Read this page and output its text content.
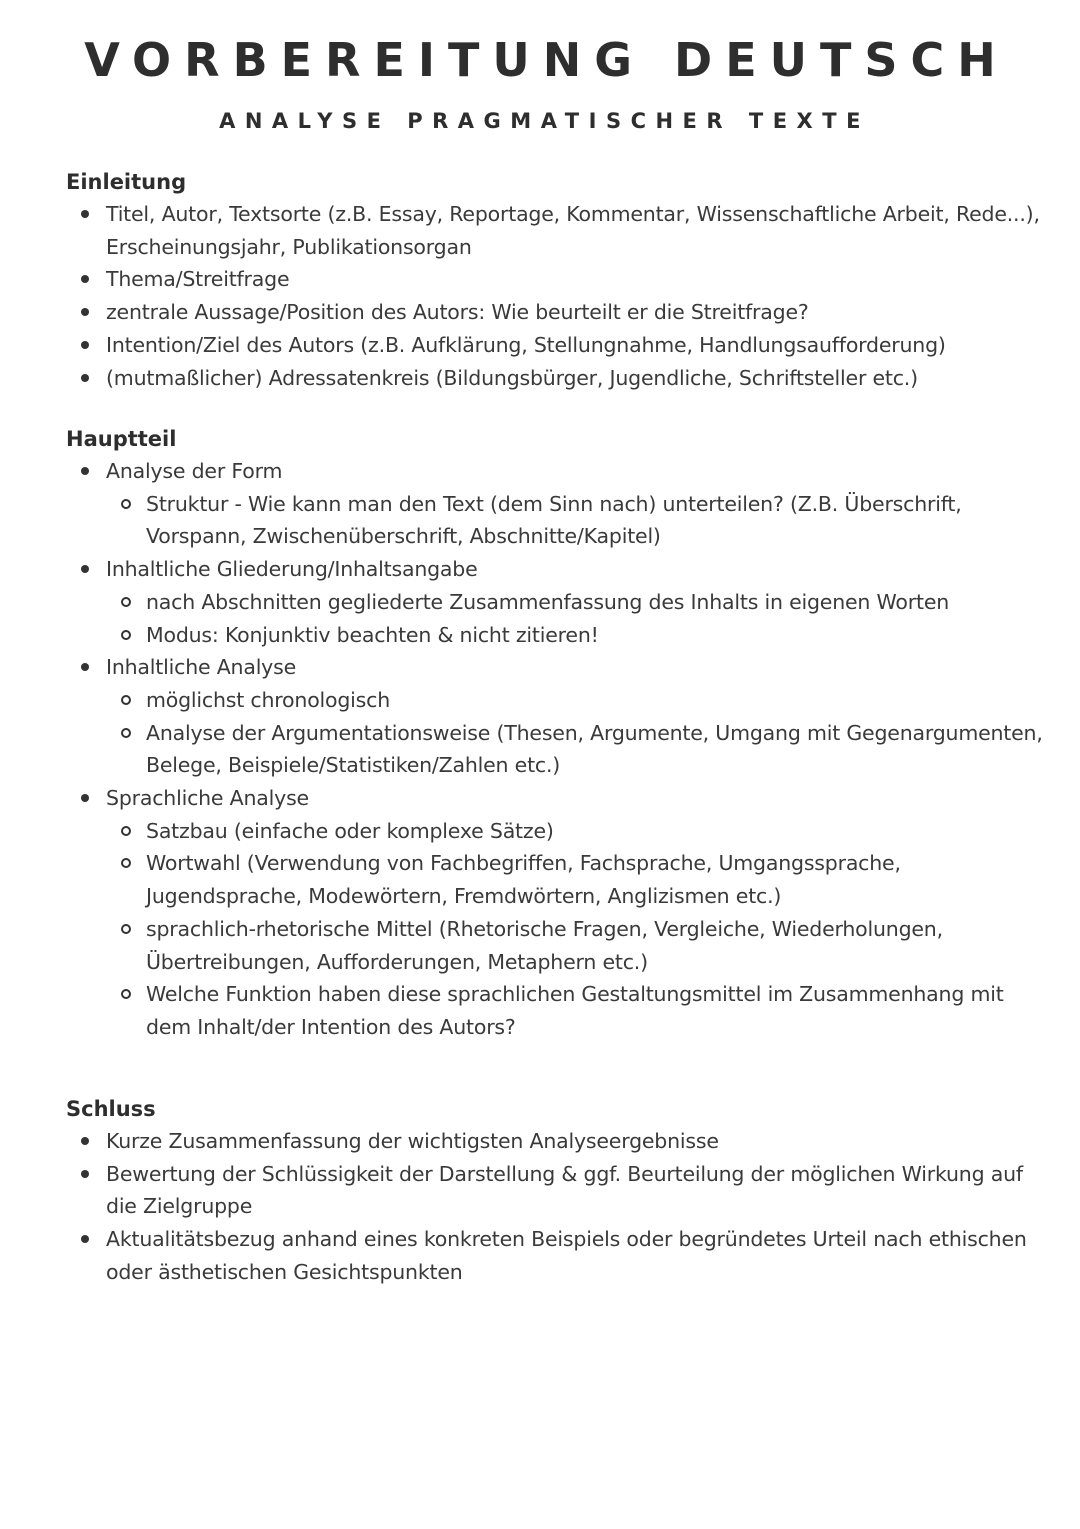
VORBEREITUNG DEUTSCH
ANALYSE PRAGMATISCHER TEXTE
Einleitung
Titel, Autor, Textsorte (z.B. Essay, Reportage, Kommentar, Wissenschaftliche Arbeit, Rede...), Erscheinungsjahr, Publikationsorgan
Thema/Streitfrage
zentrale Aussage/Position des Autors: Wie beurteilt er die Streitfrage?
Intention/Ziel des Autors (z.B. Aufklärung, Stellungnahme, Handlungsaufforderung)
(mutmaßlicher) Adressatenkreis (Bildungsbürger, Jugendliche, Schriftsteller etc.)
Hauptteil
Analyse der Form
Struktur - Wie kann man den Text (dem Sinn nach) unterteilen? (Z.B. Überschrift, Vorspann, Zwischenüberschrift, Abschnitte/Kapitel)
Inhaltliche Gliederung/Inhaltsangabe
nach Abschnitten gegliederte Zusammenfassung des Inhalts in eigenen Worten
Modus: Konjunktiv beachten & nicht zitieren!
Inhaltliche Analyse
möglichst chronologisch
Analyse der Argumentationsweise (Thesen, Argumente, Umgang mit Gegenargumenten, Belege, Beispiele/Statistiken/Zahlen etc.)
Sprachliche Analyse
Satzbau (einfache oder komplexe Sätze)
Wortwahl (Verwendung von Fachbegriffen, Fachsprache, Umgangssprache, Jugendsprache, Modewörtern, Fremdwörtern, Anglizismen etc.)
sprachlich-rhetorische Mittel (Rhetorische Fragen, Vergleiche, Wiederholungen, Übertreibungen, Aufforderungen, Metaphern etc.)
Welche Funktion haben diese sprachlichen Gestaltungsmittel im Zusammenhang mit dem Inhalt/der Intention des Autors?
Schluss
Kurze Zusammenfassung der wichtigsten Analyseergebnisse
Bewertung der Schlüssigkeit der Darstellung & ggf. Beurteilung der möglichen Wirkung auf die Zielgruppe
Aktualitätsbezug anhand eines konkreten Beispiels oder begründetes Urteil nach ethischen oder ästhetischen Gesichtspunkten
